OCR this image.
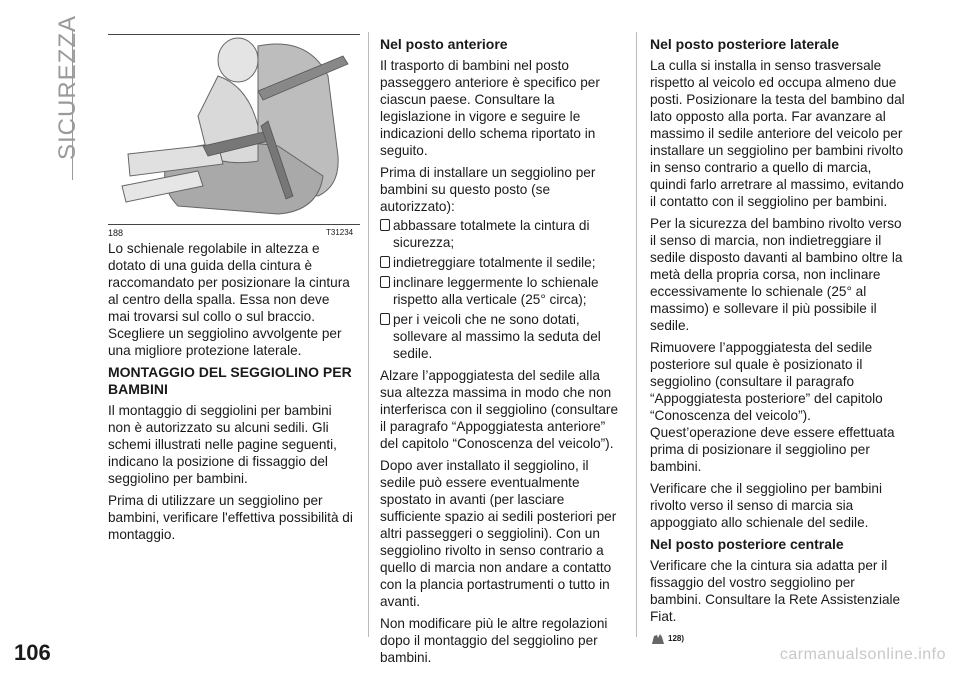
SICUREZZA
188	T31234

Lo schienale regolabile in altezza e dotato di una guida della cintura è raccomandato per posizionare la cintura al centro della spalla. Essa non deve mai trovarsi sul collo o sul braccio. Scegliere un seggiolino avvolgente per una migliore protezione laterale.

MONTAGGIO DEL SEGGIOLINO PER BAMBINI

Il montaggio di seggiolini per bambini non è autorizzato su alcuni sedili. Gli schemi illustrati nelle pagine seguenti, indicano la posizione di fissaggio del seggiolino per bambini.

Prima di utilizzare un seggiolino per bambini, verificare l'effettiva possibilità di montaggio.

Nel posto anteriore

Il trasporto di bambini nel posto passeggero anteriore è specifico per ciascun paese. Consultare la legislazione in vigore e seguire le indicazioni dello schema riportato in seguito.

Prima di installare un seggiolino per bambini su questo posto (se autorizzato):

abbassare totalmete la cintura di sicurezza;
indietreggiare totalmente il sedile;
inclinare leggermente lo schienale rispetto alla verticale (25° circa);
per i veicoli che ne sono dotati, sollevare al massimo la seduta del sedile.

Alzare l’appoggiatesta del sedile alla sua altezza massima in modo che non interferisca con il seggiolino (consultare il paragrafo “Appoggiatesta anteriore” del capitolo “Conoscenza del veicolo”).

Dopo aver installato il seggiolino, il sedile può essere eventualmente spostato in avanti (per lasciare sufficiente spazio ai sedili posteriori per altri passeggeri o seggiolini). Con un seggiolino rivolto in senso contrario a quello di marcia non andare a contatto con la plancia portastrumenti o tutto in avanti.

Non modificare più le altre regolazioni dopo il montaggio del seggiolino per bambini.

Nel posto posteriore laterale

La culla si installa in senso trasversale rispetto al veicolo ed occupa almeno due posti. Posizionare la testa del bambino dal lato opposto alla porta. Far avanzare al massimo il sedile anteriore del veicolo per installare un seggiolino per bambini rivolto in senso contrario a quello di marcia, quindi farlo arretrare al massimo, evitando il contatto con il seggiolino per bambini.

Per la sicurezza del bambino rivolto verso il senso di marcia, non indietreggiare il sedile disposto davanti al bambino oltre la metà della propria corsa, non inclinare eccessivamente lo schienale (25° al massimo) e sollevare il più possibile il sedile.

Rimuovere l’appoggiatesta del sedile posteriore sul quale è posizionato il seggiolino (consultare il paragrafo “Appoggiatesta posteriore” del capitolo “Conoscenza del veicolo”). Quest’operazione deve essere effettuata prima di posizionare il seggiolino per bambini.

Verificare che il seggiolino per bambini rivolto verso il senso di marcia sia appoggiato allo schienale del sedile.

Nel posto posteriore centrale

Verificare che la cintura sia adatta per il fissaggio del vostro seggiolino per bambini. Consultare la Rete Assistenziale Fiat.

128)
106	carmanualsonline.info
